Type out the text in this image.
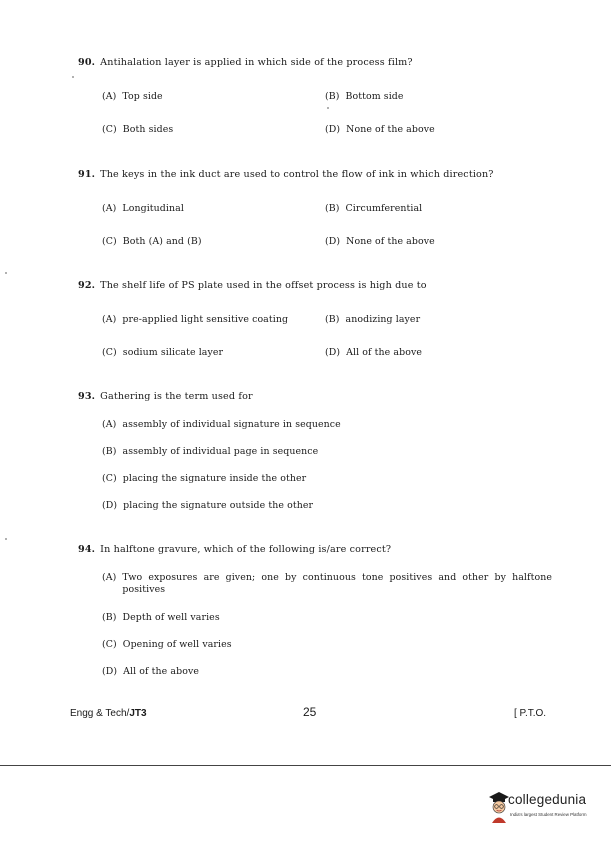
90. Antihalation layer is applied in which side of the process film?
(A) Top side	(B) Bottom side
(C) Both sides	(D) None of the above
91. The keys in the ink duct are used to control the flow of ink in which direction?
(A) Longitudinal	(B) Circumferential
(C) Both (A) and (B)	(D) None of the above
92. The shelf life of PS plate used in the offset process is high due to
(A) pre-applied light sensitive coating	(B) anodizing layer
(C) sodium silicate layer	(D) All of the above
93. Gathering is the term used for
(A) assembly of individual signature in sequence
(B) assembly of individual page in sequence
(C) placing the signature inside the other
(D) placing the signature outside the other
94. In halftone gravure, which of the following is/are correct?
(A) Two exposures are given; one by continuous tone positives and other by halftone positives
(B) Depth of well varies
(C) Opening of well varies
(D) All of the above
Engg & Tech/JT3	25	[ P.T.O.
collegedunia
India's largest Student Review Platform
